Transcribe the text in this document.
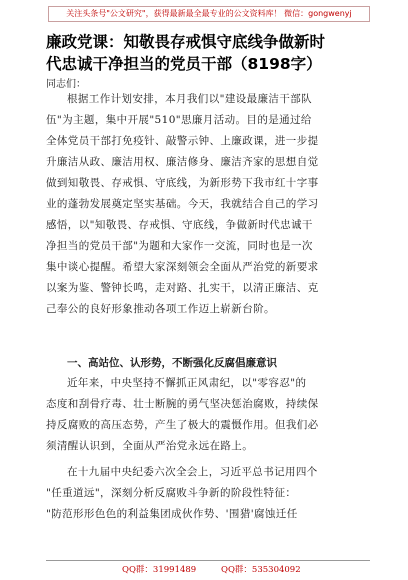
关注头条号"公文研究"，获得最新最全最专业的公文资料库！ 微信：gongwenyj
廉政党课：知敬畏存戒惧守底线争做新时
代忠诚干净担当的党员干部（8198字）
同志们：
根据工作计划安排，本月我们以"建设最廉洁干部队
伍"为主题，集中开展"510"思廉月活动。目的是通过给
全体党员干部打免疫针、敲警示钟、上廉政课，进一步提
升廉洁从政、廉洁用权、廉洁修身、廉洁齐家的思想自觉
做到知敬畏、存戒惧、守底线，为新形势下我市红十字事
业的蓬勃发展奠定坚实基础。今天，我就结合自己的学习
感悟，以"知敬畏、存戒惧、守底线，争做新时代忠诚干
净担当的党员干部"为题和大家作一交流，同时也是一次
集中谈心提醒。希望大家深刻领会全面从严治党的新要求
以案为鉴、警钟长鸣，走对路、扎实干，以清正廉洁、克
己奉公的良好形象推动各项工作迈上崭新台阶。
一、高站位、认形势，不断强化反腐倡廉意识
近年来，中央坚持不懈抓正风肃纪，以"零容忍"的
态度和刮骨疗毒、壮士断腕的勇气坚决惩治腐败，持续保
持反腐败的高压态势，产生了极大的震慑作用。但我们必
须清醒认识到，全面从严治党永远在路上。
在十九届中央纪委六次全会上，习近平总书记用四个
"任重道远"，深刻分析反腐败斗争新的阶段性特征：
"防范形形色色的利益集团成伙作势、'围猎'腐蚀迁任
QQ群：31991489	QQ群：535304092
